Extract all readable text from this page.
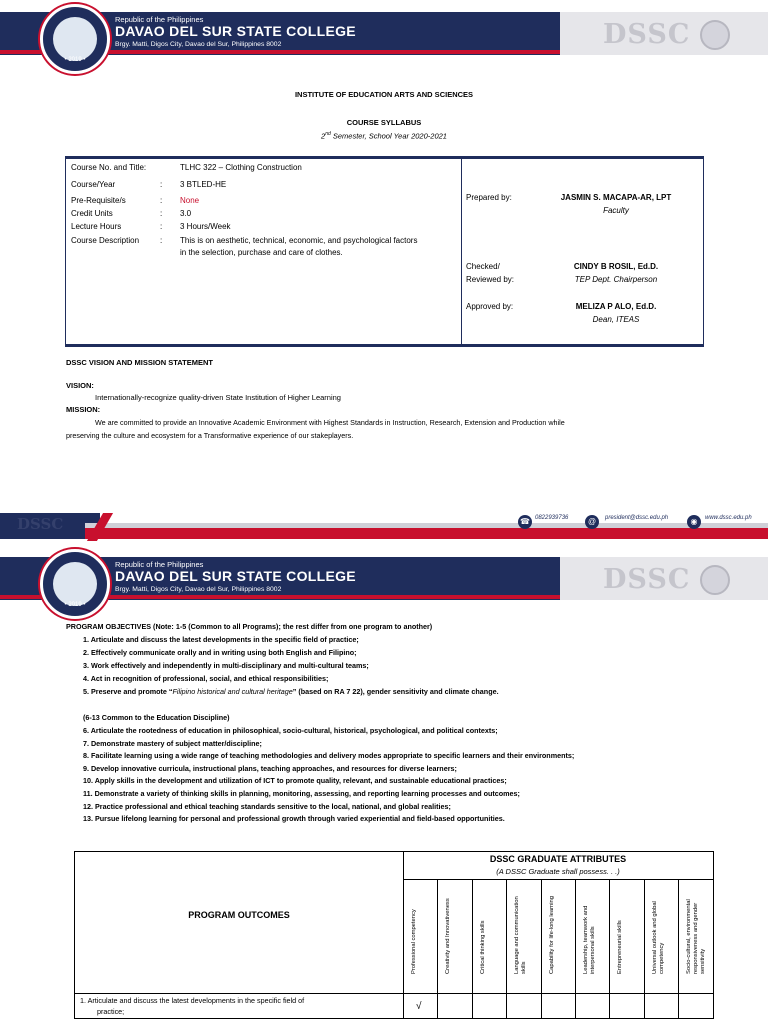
• 2019 •
Republic of the Philippines
DAVAO DEL SUR STATE COLLEGE
Brgy. Matti, Digos City, Davao del Sur, Philippines 8002	DSSC
INSTITUTE OF EDUCATION ARTS AND SCIENCES
COURSE SYLLABUS
2nd Semester, School Year 2020-2021
Course No. and Title:	TLHC 322 – Clothing Construction
Course/Year	: 3 BTLED-HE
Pre-Requisite/s	: None
Credit Units	: 3.0
Lecture Hours	: 3 Hours/Week
Course Description	: This is on aesthetic, technical, economic, and psychological factors
in the selection, purchase and care of clothes.
Prepared by:	JASMIN S. MACAPA-AR, LPT
Faculty
Checked/
Reviewed by:
CINDY B ROSIL, Ed.D.
TEP Dept. Chairperson
Approved by:	MELIZA P ALO, Ed.D.
Dean, ITEAS
DSSC VISION AND MISSION STATEMENT
VISION:
Internationally-recognize quality-driven State Institution of Higher Learning
MISSION:
We are committed to provide an Innovative Academic Environment with Highest Standards in Instruction, Research, Extension and Production while
preserving the culture and ecosystem for a Transformative experience of our stakeplayers.
DSSC	☎ 0822939736	@	president@dssc.edu.ph	◉	www.dssc.edu.ph
• 2019 •
Republic of the Philippines
DAVAO DEL SUR STATE COLLEGE
Brgy. Matti, Digos City, Davao del Sur, Philippines 8002	DSSC
PROGRAM OBJECTIVES (Note: 1-5 (Common to all Programs); the rest differ from one program to another)
1. Articulate and discuss the latest developments in the specific field of practice;
2. Effectively communicate orally and in writing using both English and Filipino;
3. Work effectively and independently in multi-disciplinary and multi-cultural teams;
4. Act in recognition of professional, social, and ethical responsibilities;
5. Preserve and promote “Filipino historical and cultural heritage” (based on RA 7 22), gender sensitivity and climate change.
(6-13 Common to the Education Discipline)
6. Articulate the rootedness of education in philosophical, socio-cultural, historical, psychological, and political contexts;
7. Demonstrate mastery of subject matter/discipline;
8. Facilitate learning using a wide range of teaching methodologies and delivery modes appropriate to specific learners and their environments;
9. Develop innovative curricula, instructional plans, teaching approaches, and resources for diverse learners;
10. Apply skills in the development and utilization of ICT to promote quality, relevant, and sustainable educational practices;
11. Demonstrate a variety of thinking skills in planning, monitoring, assessing, and reporting learning processes and outcomes;
12. Practice professional and ethical teaching standards sensitive to the local, national, and global realities;
13. Pursue lifelong learning for personal and professional growth through varied experiential and field-based opportunities.
Professional competency	Creativity and Innovativeness	Critical thinking skills	Language and communication skills	Capability for life-long learning	Leadership, teamwork and interpersonal skills	Entrepreneurial skills	Universal outlook and global competency	Socio-cultural, environmental responsiveness and gender sensitivity
PROGRAM OUTCOMES
DSSC GRADUATE ATTRIBUTES
(A DSSC Graduate shall possess. . .)
1. Articulate and discuss the latest developments in the specific field of
practice;	√
